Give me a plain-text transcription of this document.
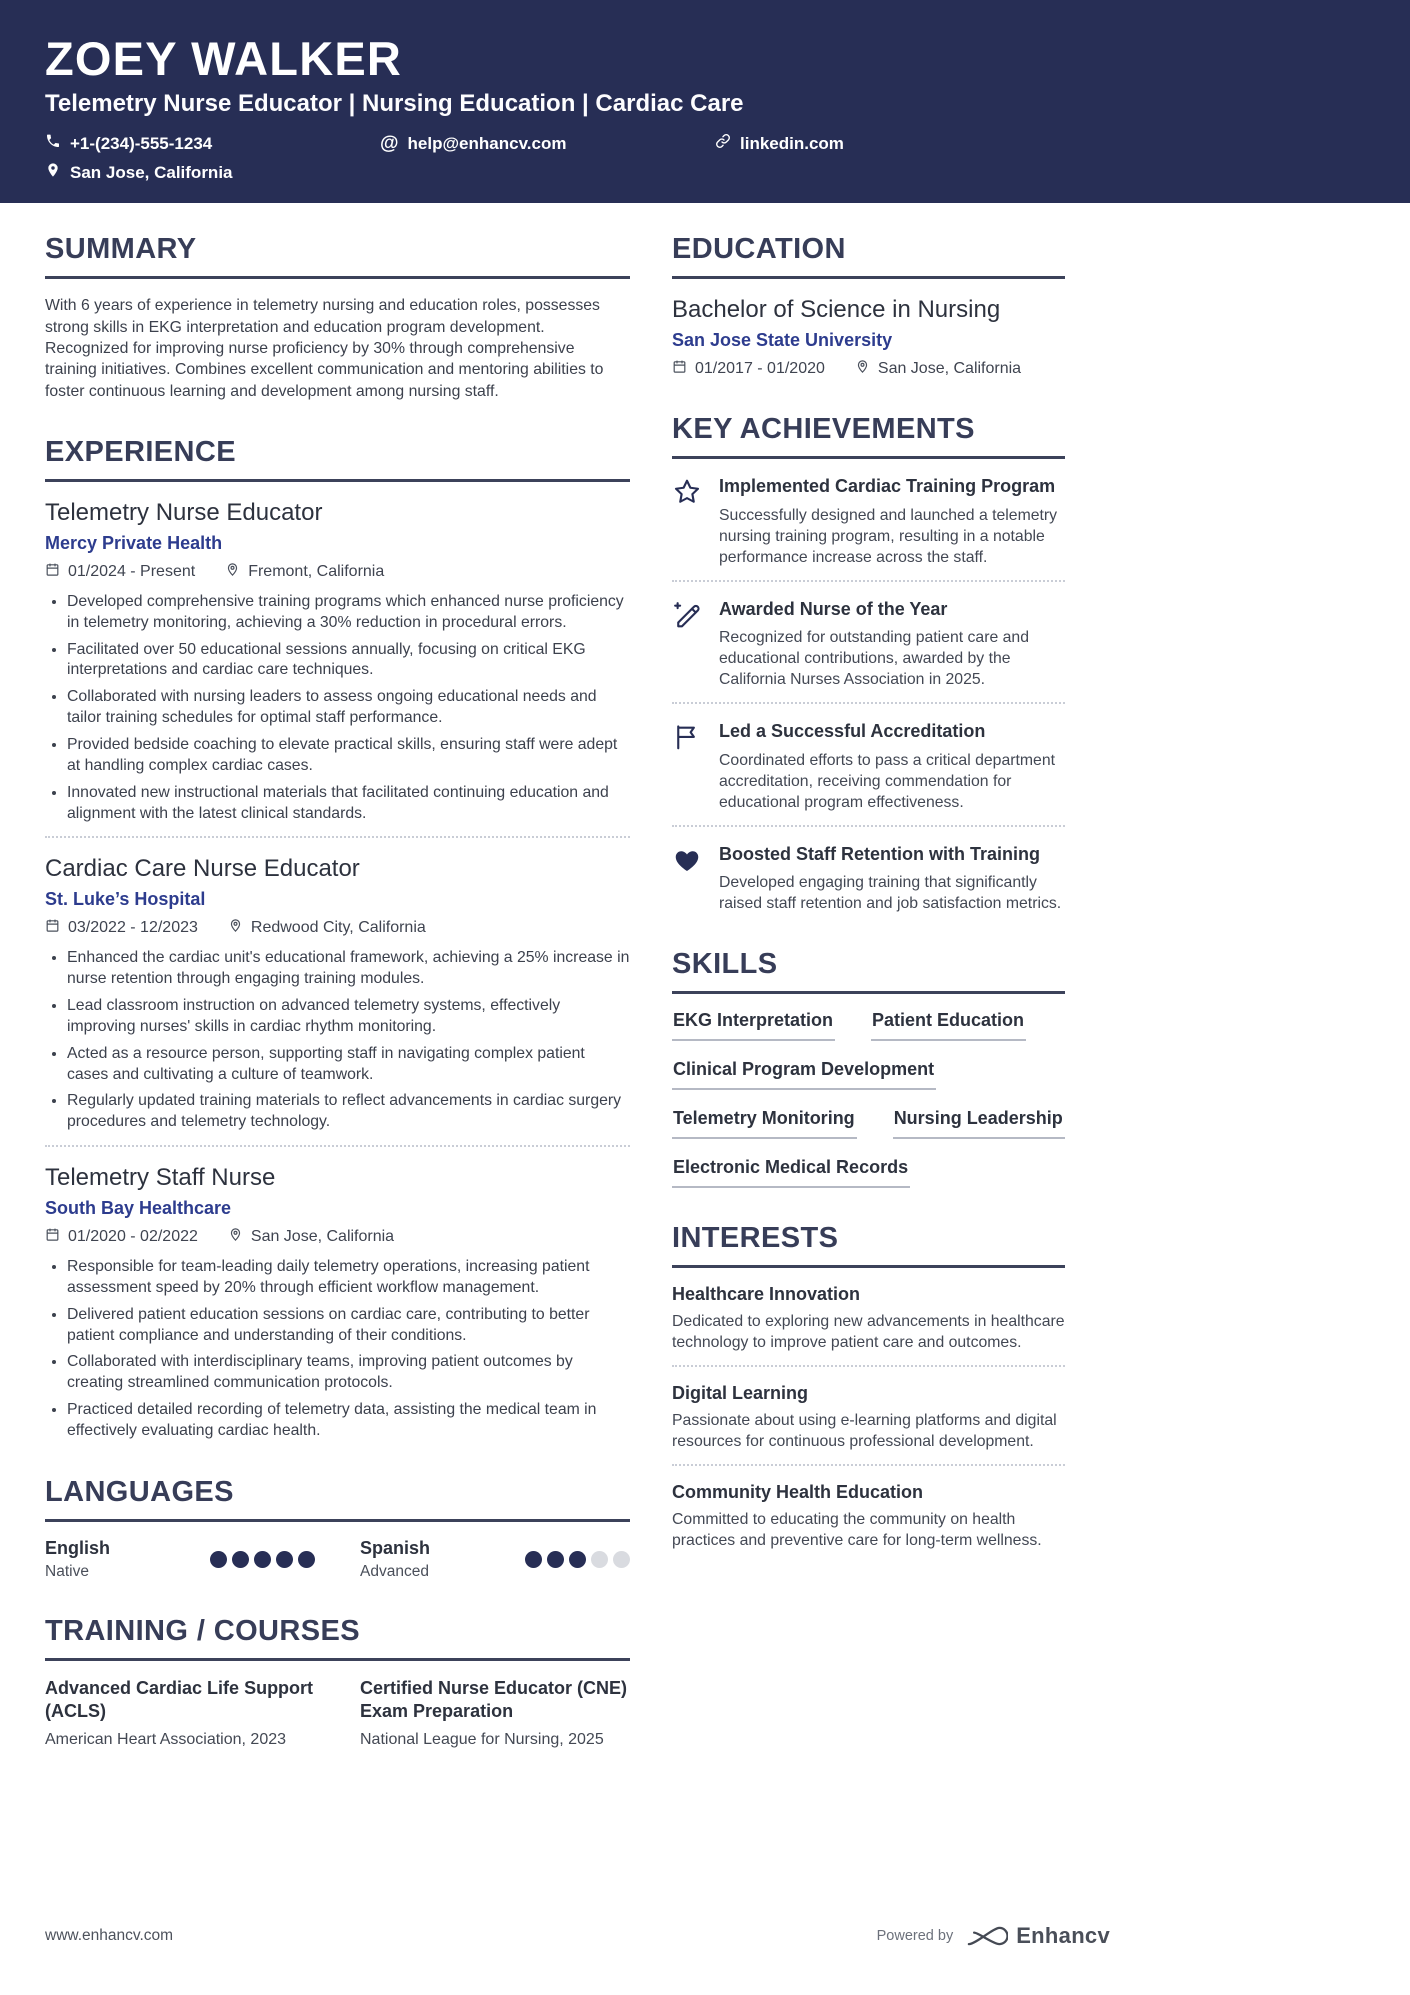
ZOEY WALKER
Telemetry Nurse Educator | Nursing Education | Cardiac Care
+1-(234)-555-1234	@ help@enhancv.com	linkedin.com
San Jose, California
SUMMARY
With 6 years of experience in telemetry nursing and education roles, possesses strong skills in EKG interpretation and education program development. Recognized for improving nurse proficiency by 30% through comprehensive training initiatives. Combines excellent communication and mentoring abilities to foster continuous learning and development among nursing staff.
EXPERIENCE
Telemetry Nurse Educator
Mercy Private Health
01/2024 - Present	Fremont, California
• Developed comprehensive training programs which enhanced nurse proficiency in telemetry monitoring, achieving a 30% reduction in procedural errors.
• Facilitated over 50 educational sessions annually, focusing on critical EKG interpretations and cardiac care techniques.
• Collaborated with nursing leaders to assess ongoing educational needs and tailor training schedules for optimal staff performance.
• Provided bedside coaching to elevate practical skills, ensuring staff were adept at handling complex cardiac cases.
• Innovated new instructional materials that facilitated continuing education and alignment with the latest clinical standards.
Cardiac Care Nurse Educator
St. Luke’s Hospital
03/2022 - 12/2023	Redwood City, California
• Enhanced the cardiac unit's educational framework, achieving a 25% increase in nurse retention through engaging training modules.
• Lead classroom instruction on advanced telemetry systems, effectively improving nurses' skills in cardiac rhythm monitoring.
• Acted as a resource person, supporting staff in navigating complex patient cases and cultivating a culture of teamwork.
• Regularly updated training materials to reflect advancements in cardiac surgery procedures and telemetry technology.
Telemetry Staff Nurse
South Bay Healthcare
01/2020 - 02/2022	San Jose, California
• Responsible for team-leading daily telemetry operations, increasing patient assessment speed by 20% through efficient workflow management.
• Delivered patient education sessions on cardiac care, contributing to better patient compliance and understanding of their conditions.
• Collaborated with interdisciplinary teams, improving patient outcomes by creating streamlined communication protocols.
• Practiced detailed recording of telemetry data, assisting the medical team in effectively evaluating cardiac health.
LANGUAGES
English
Native
Spanish
Advanced
TRAINING / COURSES
Advanced Cardiac Life Support (ACLS)
American Heart Association, 2023
Certified Nurse Educator (CNE) Exam Preparation
National League for Nursing, 2025
EDUCATION
Bachelor of Science in Nursing
San Jose State University
01/2017 - 01/2020	San Jose, California
KEY ACHIEVEMENTS
Implemented Cardiac Training Program
Successfully designed and launched a telemetry nursing training program, resulting in a notable performance increase across the staff.
Awarded Nurse of the Year
Recognized for outstanding patient care and educational contributions, awarded by the California Nurses Association in 2025.
Led a Successful Accreditation
Coordinated efforts to pass a critical department accreditation, receiving commendation for educational program effectiveness.
Boosted Staff Retention with Training
Developed engaging training that significantly raised staff retention and job satisfaction metrics.
SKILLS
EKG Interpretation Patient Education
Clinical Program Development
Telemetry Monitoring Nursing Leadership
Electronic Medical Records
INTERESTS
Healthcare Innovation
Dedicated to exploring new advancements in healthcare technology to improve patient care and outcomes.
Digital Learning
Passionate about using e-learning platforms and digital resources for continuous professional development.
Community Health Education
Committed to educating the community on health practices and preventive care for long-term wellness.
www.enhancv.com	Powered by	Enhancv
